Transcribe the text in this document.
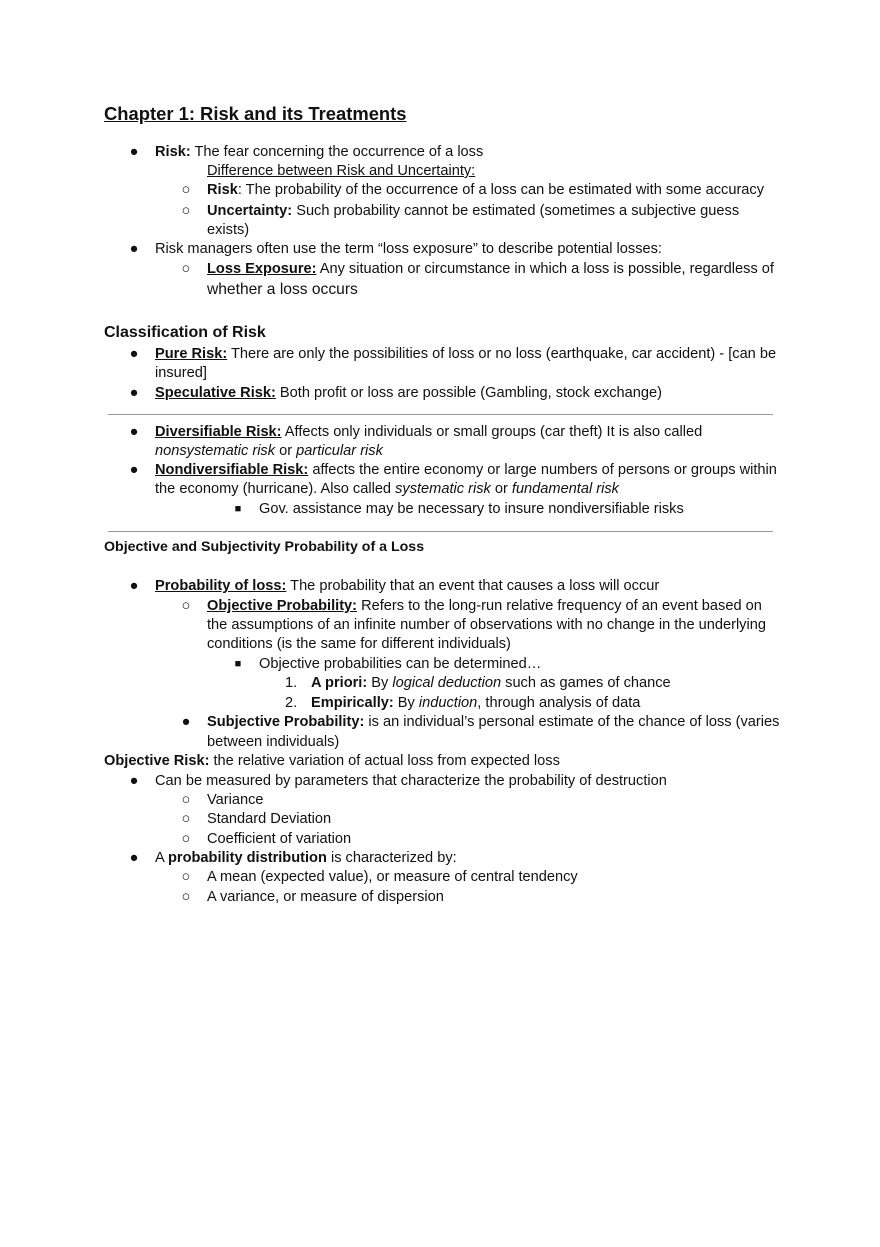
Chapter 1: Risk and its Treatments
● Risk: The fear concerning the occurrence of a loss
Difference between Risk and Uncertainty:
○ Risk: The probability of the occurrence of a loss can be estimated with some accuracy
○ Uncertainty: Such probability cannot be estimated (sometimes a subjective guess
exists)
● Risk managers often use the term “loss exposure” to describe potential losses:
○ Loss Exposure: Any situation or circumstance in which a loss is possible, regardless of
whether a loss occurs
Classification of Risk
● Pure Risk: There are only the possibilities of loss or no loss (earthquake, car accident) - [can be
insured]
● Speculative Risk: Both profit or loss are possible (Gambling, stock exchange)
● Diversifiable Risk: Affects only individuals or small groups (car theft) It is also called
nonsystematic risk or particular risk
● Nondiversifiable Risk: affects the entire economy or large numbers of persons or groups within
the economy (hurricane). Also called systematic risk or fundamental risk
■ Gov. assistance may be necessary to insure nondiversifiable risks
Objective and Subjectivity Probability of a Loss
● Probability of loss: The probability that an event that causes a loss will occur
○ Objective Probability: Refers to the long-run relative frequency of an event based on
the assumptions of an infinite number of observations with no change in the underlying
conditions (is the same for different individuals)
■ Objective probabilities can be determined…
1. A priori: By logical deduction such as games of chance
2. Empirically: By induction, through analysis of data
● Subjective Probability: is an individual’s personal estimate of the chance of loss (varies
between individuals)
Objective Risk: the relative variation of actual loss from expected loss
● Can be measured by parameters that characterize the probability of destruction
○ Variance
○ Standard Deviation
○ Coefficient of variation
● A probability distribution is characterized by:
○ A mean (expected value), or measure of central tendency
○ A variance, or measure of dispersion
